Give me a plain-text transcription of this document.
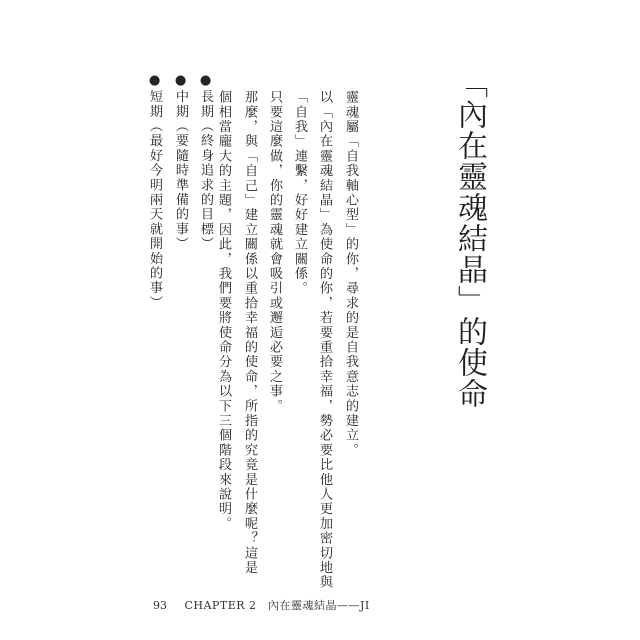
「內在靈魂結晶」的使命
靈魂屬「自我軸心型」的你，尋求的是自我意志的建立。
以「內在靈魂結晶」為使命的你，若要重拾幸福，勢必要比他人更加密切地與
「自我」連繫，好好建立關係。
只要這麼做，你的靈魂就會吸引或邂逅必要之事。
那麼，與「自己」建立關係以重拾幸福的使命，所指的究竟是什麼呢？這是
個相當龐大的主題，因此，我們要將使命分為以下三個階段來說明。
●長期（終身追求的目標）
●中期（要隨時準備的事）
●短期（最好今明兩天就開始的事）
93 CHAPTER 2　內在靈魂結晶——JI
